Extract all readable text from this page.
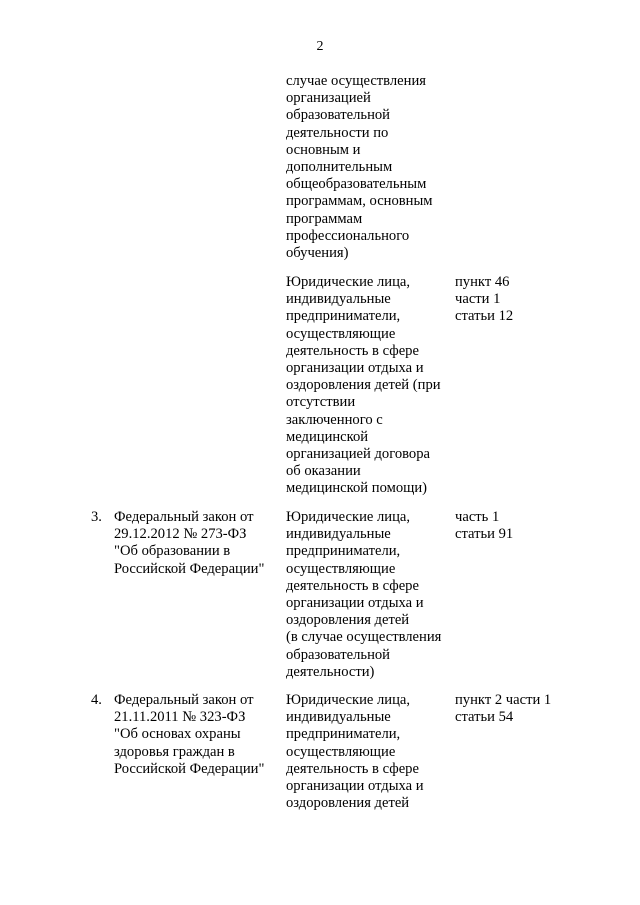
2
случае осуществления
организацией
образовательной
деятельности по
основным и
дополнительным
общеобразовательным
программам, основным
программам
профессионального
обучения)
Юридические лица,
индивидуальные
предприниматели,
осуществляющие
деятельность в сфере
организации отдыха и
оздоровления детей (при
отсутствии
заключенного с
медицинской
организацией договора
об оказании
медицинской помощи)
пункт 46
части 1
статьи 12
3. Федеральный закон от
29.12.2012 № 273-ФЗ
"Об образовании в
Российской Федерации"
Юридические лица,
индивидуальные
предприниматели,
осуществляющие
деятельность в сфере
организации отдыха и
оздоровления детей
(в случае осуществления
образовательной
деятельности)
часть 1
статьи 91
4. Федеральный закон от
21.11.2011 № 323-ФЗ
"Об основах охраны
здоровья граждан в
Российской Федерации"
Юридические лица,
индивидуальные
предприниматели,
осуществляющие
деятельность в сфере
организации отдыха и
оздоровления детей
пункт 2 части 1
статьи 54
